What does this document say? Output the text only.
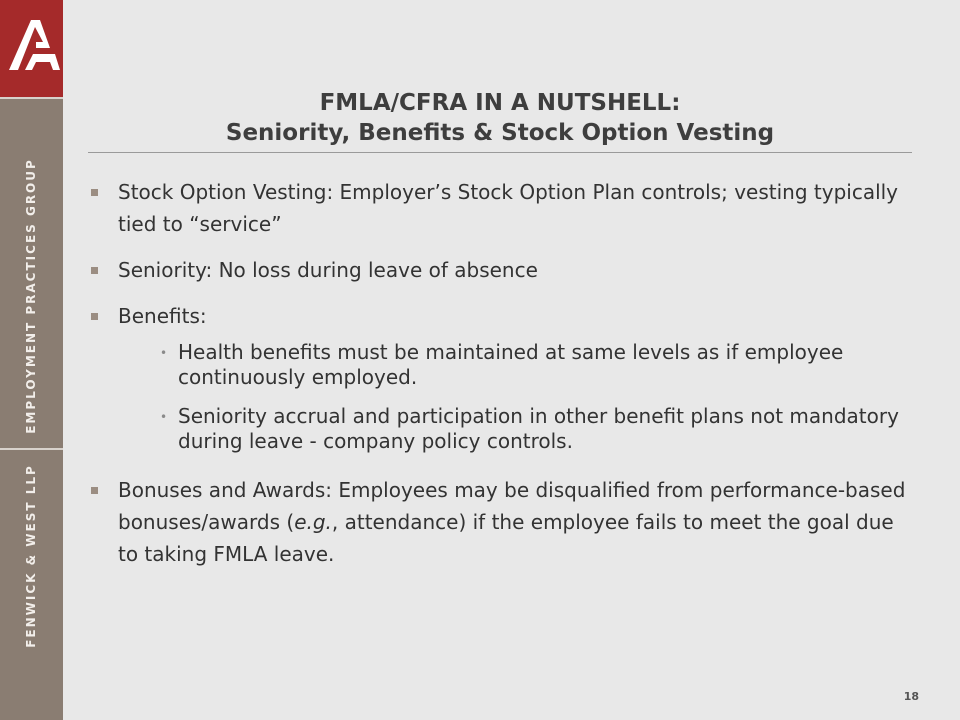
EMPLOYMENT PRACTICES GROUP
FENWICK & WEST LLP
FMLA/CFRA IN A NUTSHELL:
Seniority, Benefits & Stock Option Vesting
Stock Option Vesting: Employer’s Stock Option Plan controls; vesting typically tied to “service”
Seniority: No loss during leave of absence
Benefits:
• Health benefits must be maintained at same levels as if employee continuously employed.
• Seniority accrual and participation in other benefit plans not mandatory during leave - company policy controls.
Bonuses and Awards: Employees may be disqualified from performance-based bonuses/awards (e.g., attendance) if the employee fails to meet the goal due to taking FMLA leave.
18
